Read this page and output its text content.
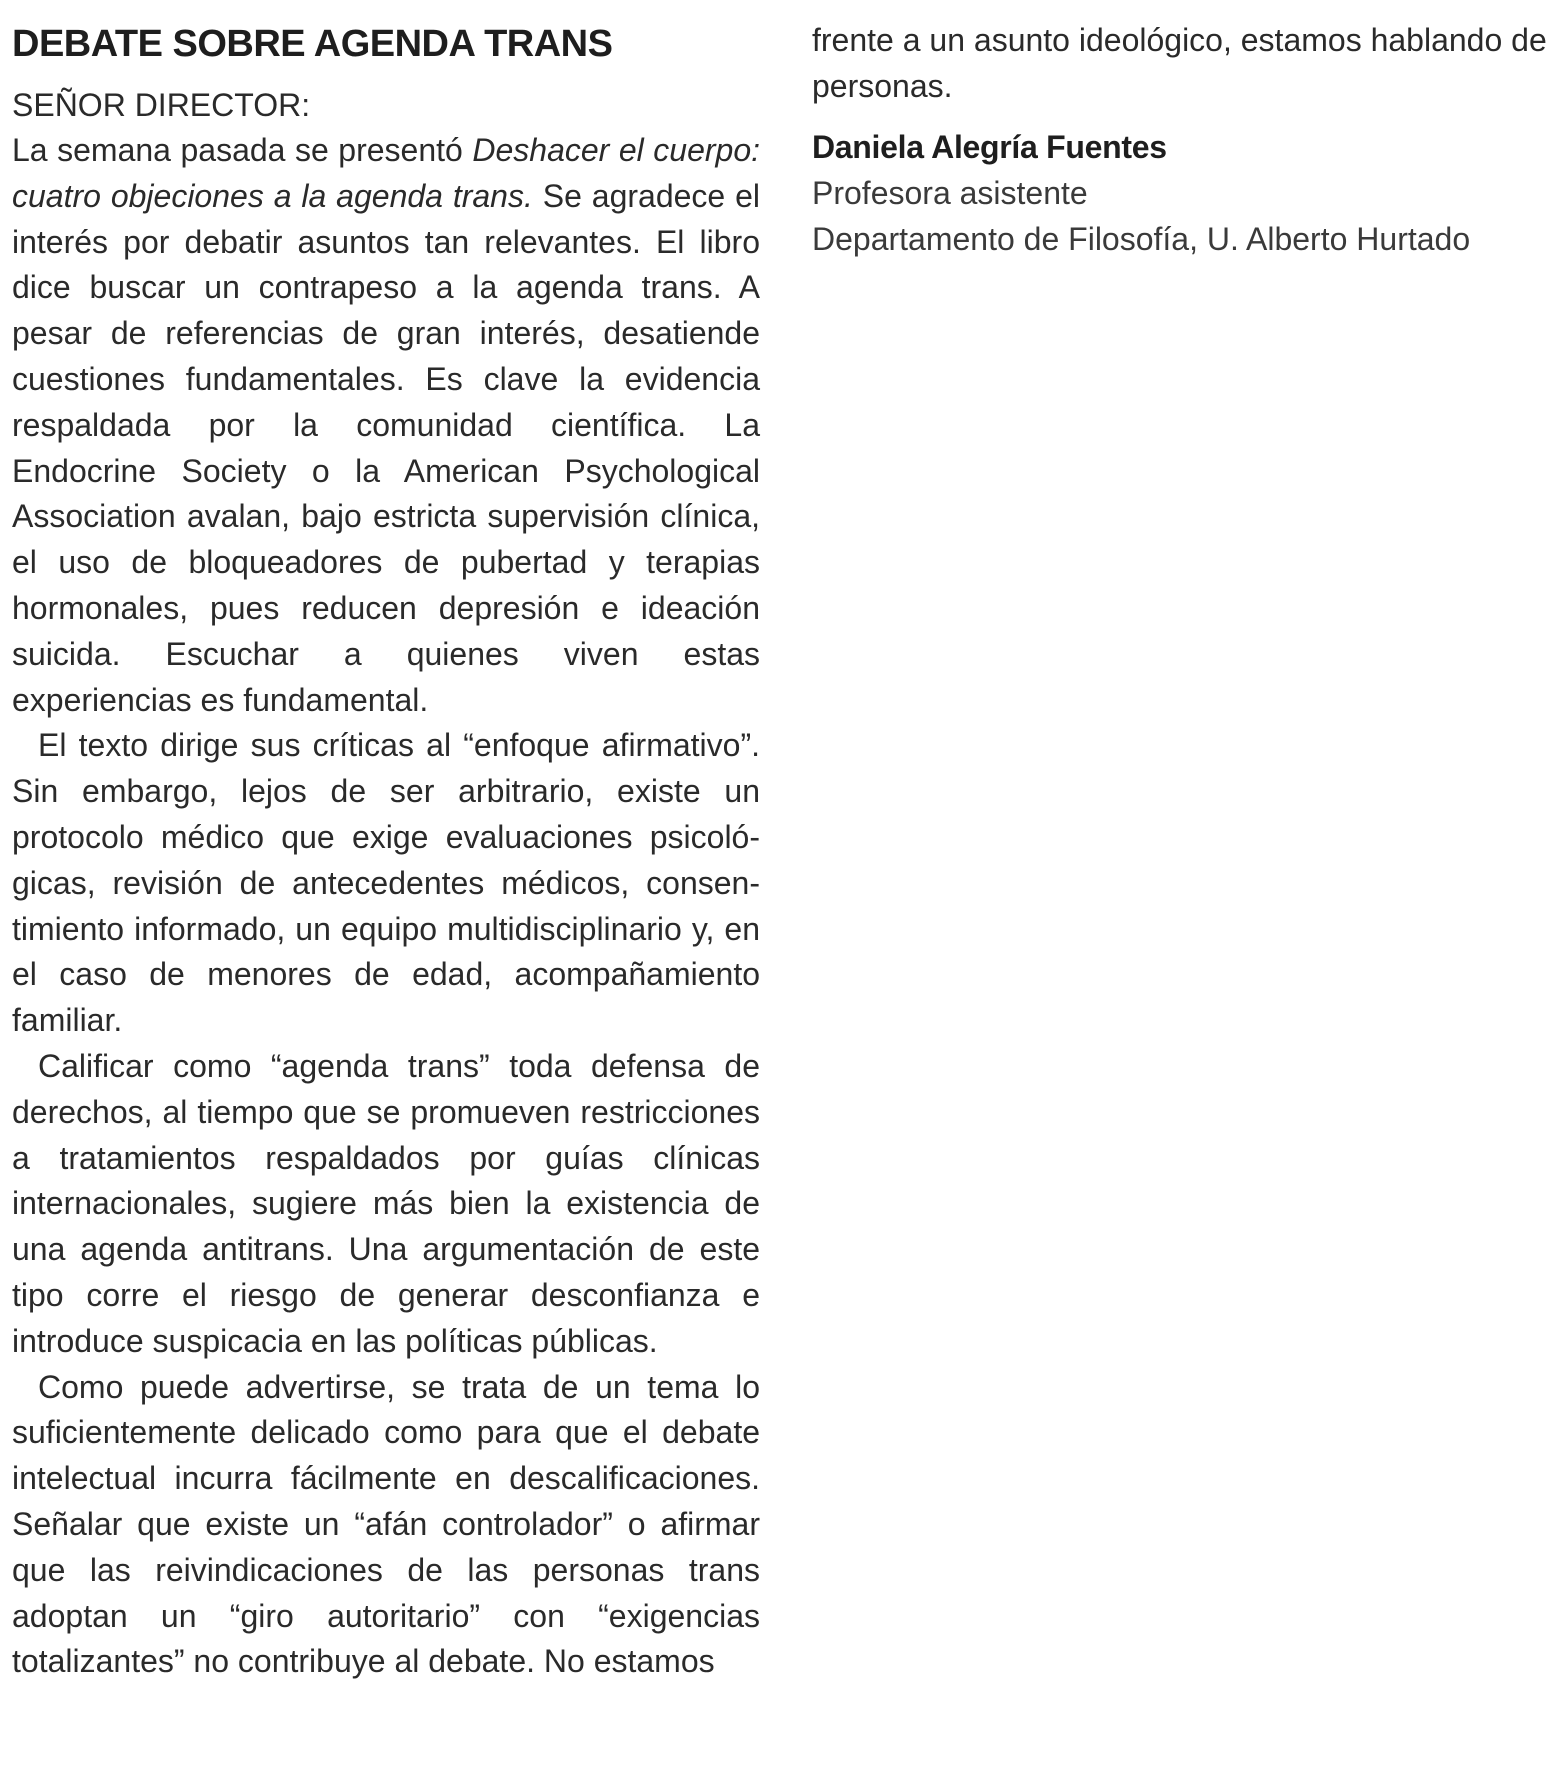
DEBATE SOBRE AGENDA TRANS

SEÑOR DIRECTOR:

La semana pasada se presentó Deshacer el cuerpo: cuatro objeciones a la agenda trans. Se agradece el interés por debatir asuntos tan relevantes. El libro dice buscar un contrapeso a la agenda trans. A pesar de referencias de gran interés, desatiende cuestiones fundamentales. Es clave la evidencia respaldada por la comunidad científica. La Endocrine Society o la American Psychological Association avalan, bajo estricta supervisión clínica, el uso de bloqueadores de pubertad y terapias hormonales, pues reducen depresión e ideación suicida. Escuchar a quienes viven estas experiencias es fundamental.

El texto dirige sus críticas al “enfoque afirmativo”. Sin embargo, lejos de ser arbitrario, existe un protocolo médico que exige evaluaciones psicológicas, revisión de antecedentes médicos, consentimiento informado, un equipo multidisciplinario y, en el caso de menores de edad, acompañamiento familiar.

Calificar como “agenda trans” toda defensa de derechos, al tiempo que se promueven restricciones a tratamientos respaldados por guías clínicas internacionales, sugiere más bien la existencia de una agenda antitrans. Una argumentación de este tipo corre el riesgo de generar desconfianza e introduce suspicacia en las políticas públicas.

Como puede advertirse, se trata de un tema lo suficientemente delicado como para que el debate intelectual incurra fácilmente en descalificaciones. Señalar que existe un “afán controlador” o afirmar que las reivindicaciones de las personas trans adoptan un “giro autoritario” con “exigencias totalizantes” no contribuye al debate. No estamos

frente a un asunto ideológico, estamos hablando de personas.

Daniela Alegría Fuentes

Profesora asistente

Departamento de Filosofía, U. Alberto Hurtado
